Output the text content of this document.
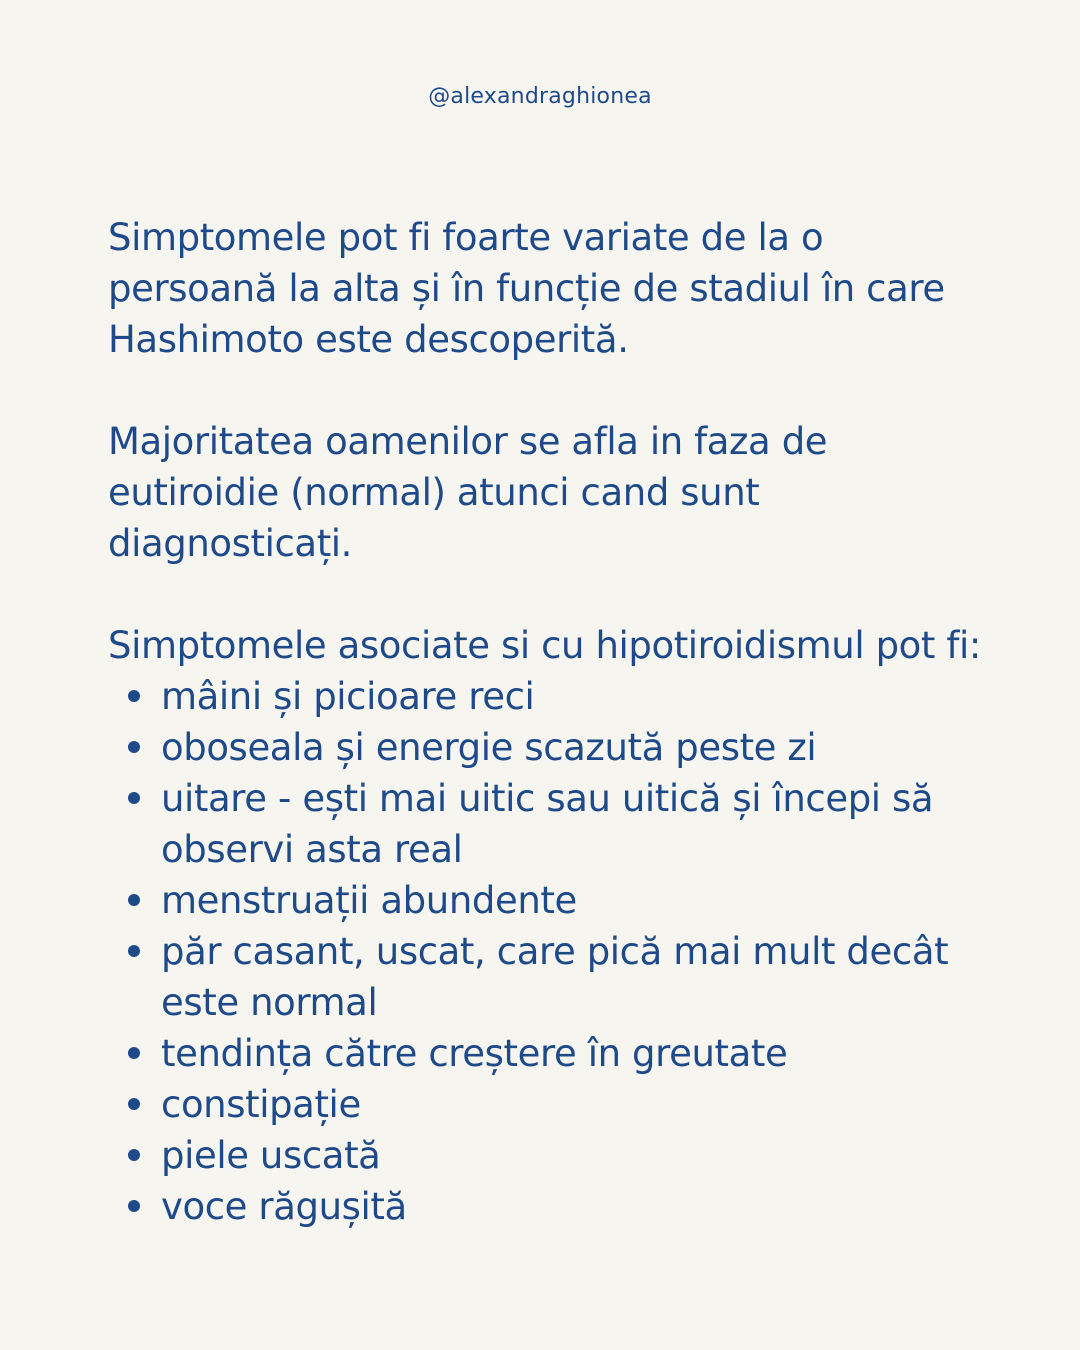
@alexandraghionea

Simptomele pot fi foarte variate de la o
persoană la alta și în funcție de stadiul în care
Hashimoto este descoperită.

Majoritatea oamenilor se afla in faza de
eutiroidie (normal) atunci cand sunt
diagnosticați.

Simptomele asociate si cu hipotiroidismul pot fi:

mâini și picioare reci
oboseala și energie scazută peste zi
uitare - ești mai uitic sau uitică și începi să
observi asta real
menstruații abundente
păr casant, uscat, care pică mai mult decât
este normal
tendința către creștere în greutate
constipație
piele uscată
voce răgușită
